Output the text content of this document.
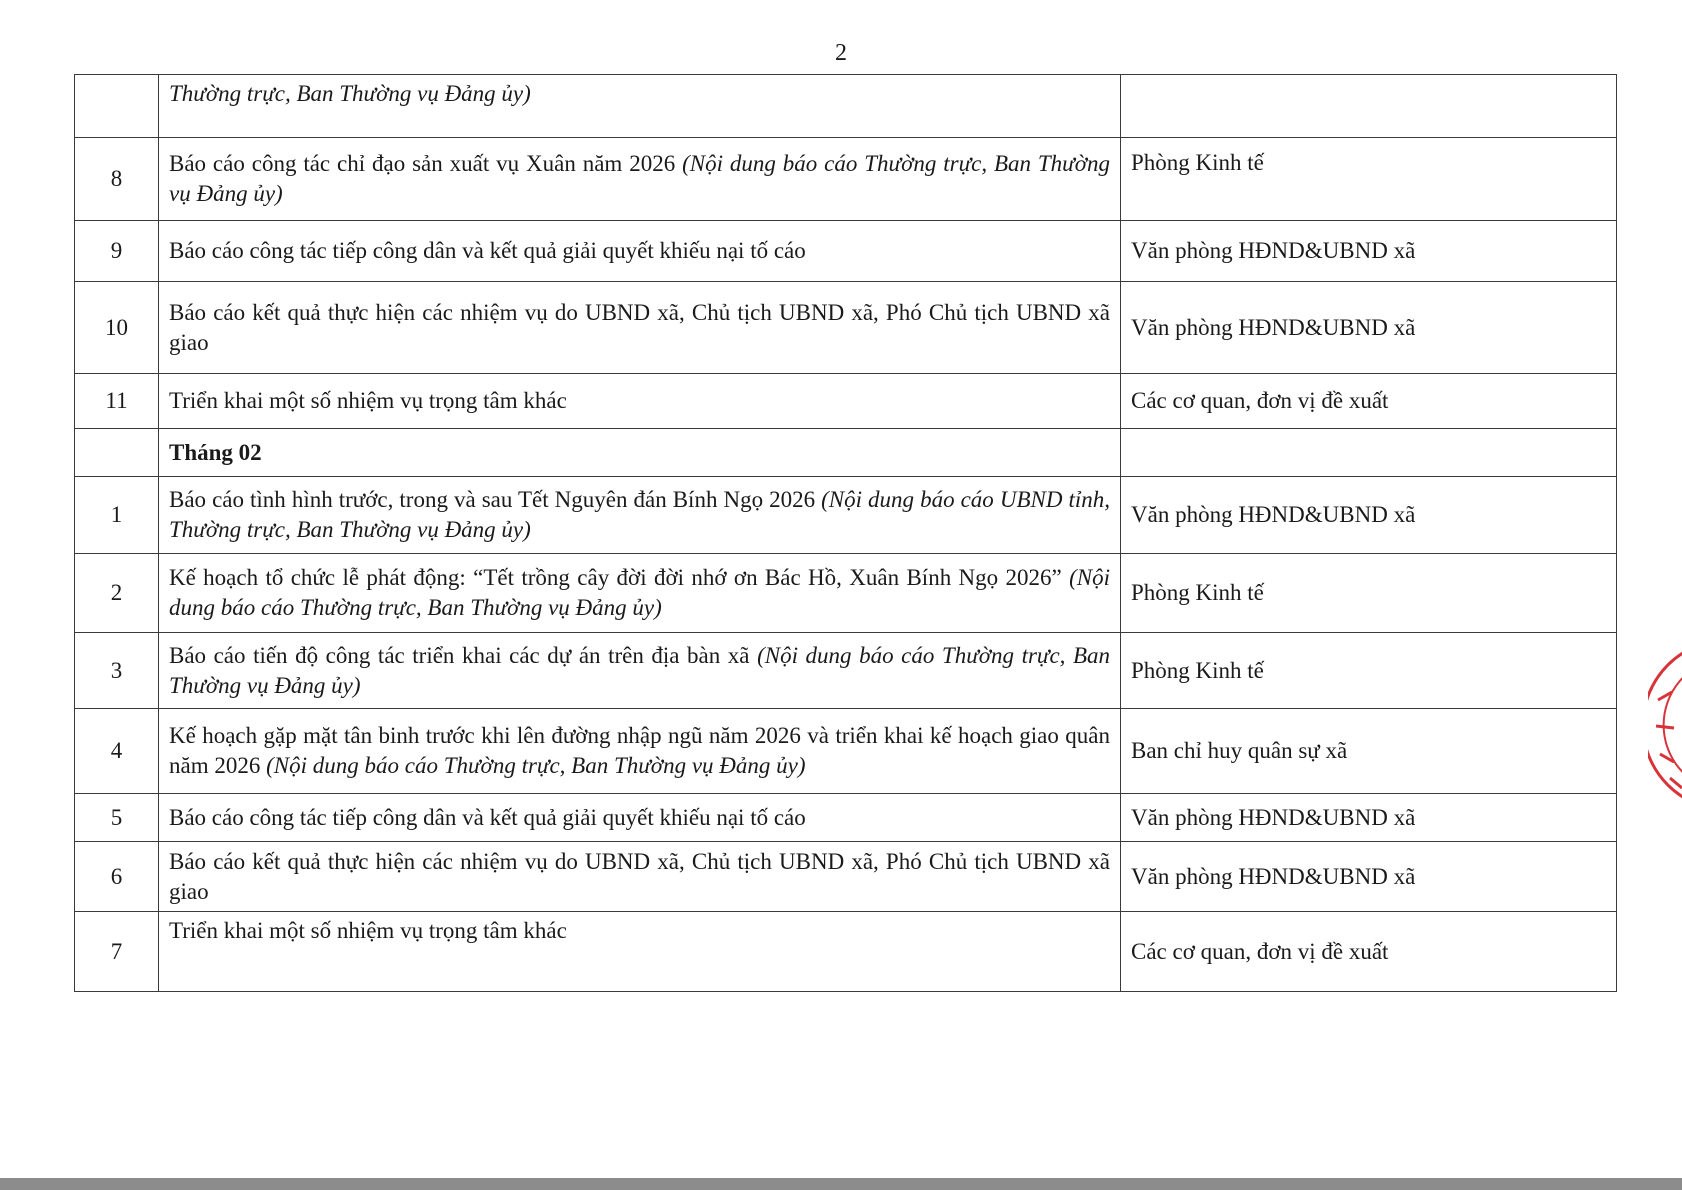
2
	Thường trực, Ban Thường vụ Đảng ủy)	
8	Báo cáo công tác chỉ đạo sản xuất vụ Xuân năm 2026 (Nội dung báo cáo Thường trực, Ban Thường vụ Đảng ủy)	Phòng Kinh tế
9	Báo cáo công tác tiếp công dân và kết quả giải quyết khiếu nại tố cáo	Văn phòng HĐND&UBND xã
10	Báo cáo kết quả thực hiện các nhiệm vụ do UBND xã, Chủ tịch UBND xã, Phó Chủ tịch UBND xã giao	Văn phòng HĐND&UBND xã
11	Triển khai một số nhiệm vụ trọng tâm khác	Các cơ quan, đơn vị đề xuất
	Tháng 02	
1	Báo cáo tình hình trước, trong và sau Tết Nguyên đán Bính Ngọ 2026 (Nội dung báo cáo UBND tỉnh, Thường trực, Ban Thường vụ Đảng ủy)	Văn phòng HĐND&UBND xã
2	Kế hoạch tổ chức lễ phát động: “Tết trồng cây đời đời nhớ ơn Bác Hồ, Xuân Bính Ngọ 2026” (Nội dung báo cáo Thường trực, Ban Thường vụ Đảng ủy)	Phòng Kinh tế
3	Báo cáo tiến độ công tác triển khai các dự án trên địa bàn xã (Nội dung báo cáo Thường trực, Ban Thường vụ Đảng ủy)	Phòng Kinh tế
4	Kế hoạch gặp mặt tân binh trước khi lên đường nhập ngũ năm 2026 và triển khai kế hoạch giao quân năm 2026 (Nội dung báo cáo Thường trực, Ban Thường vụ Đảng ủy)	Ban chỉ huy quân sự xã
5	Báo cáo công tác tiếp công dân và kết quả giải quyết khiếu nại tố cáo	Văn phòng HĐND&UBND xã
6	Báo cáo kết quả thực hiện các nhiệm vụ do UBND xã, Chủ tịch UBND xã, Phó Chủ tịch UBND xã giao	Văn phòng HĐND&UBND xã
7	Triển khai một số nhiệm vụ trọng tâm khác	Các cơ quan, đơn vị đề xuất
